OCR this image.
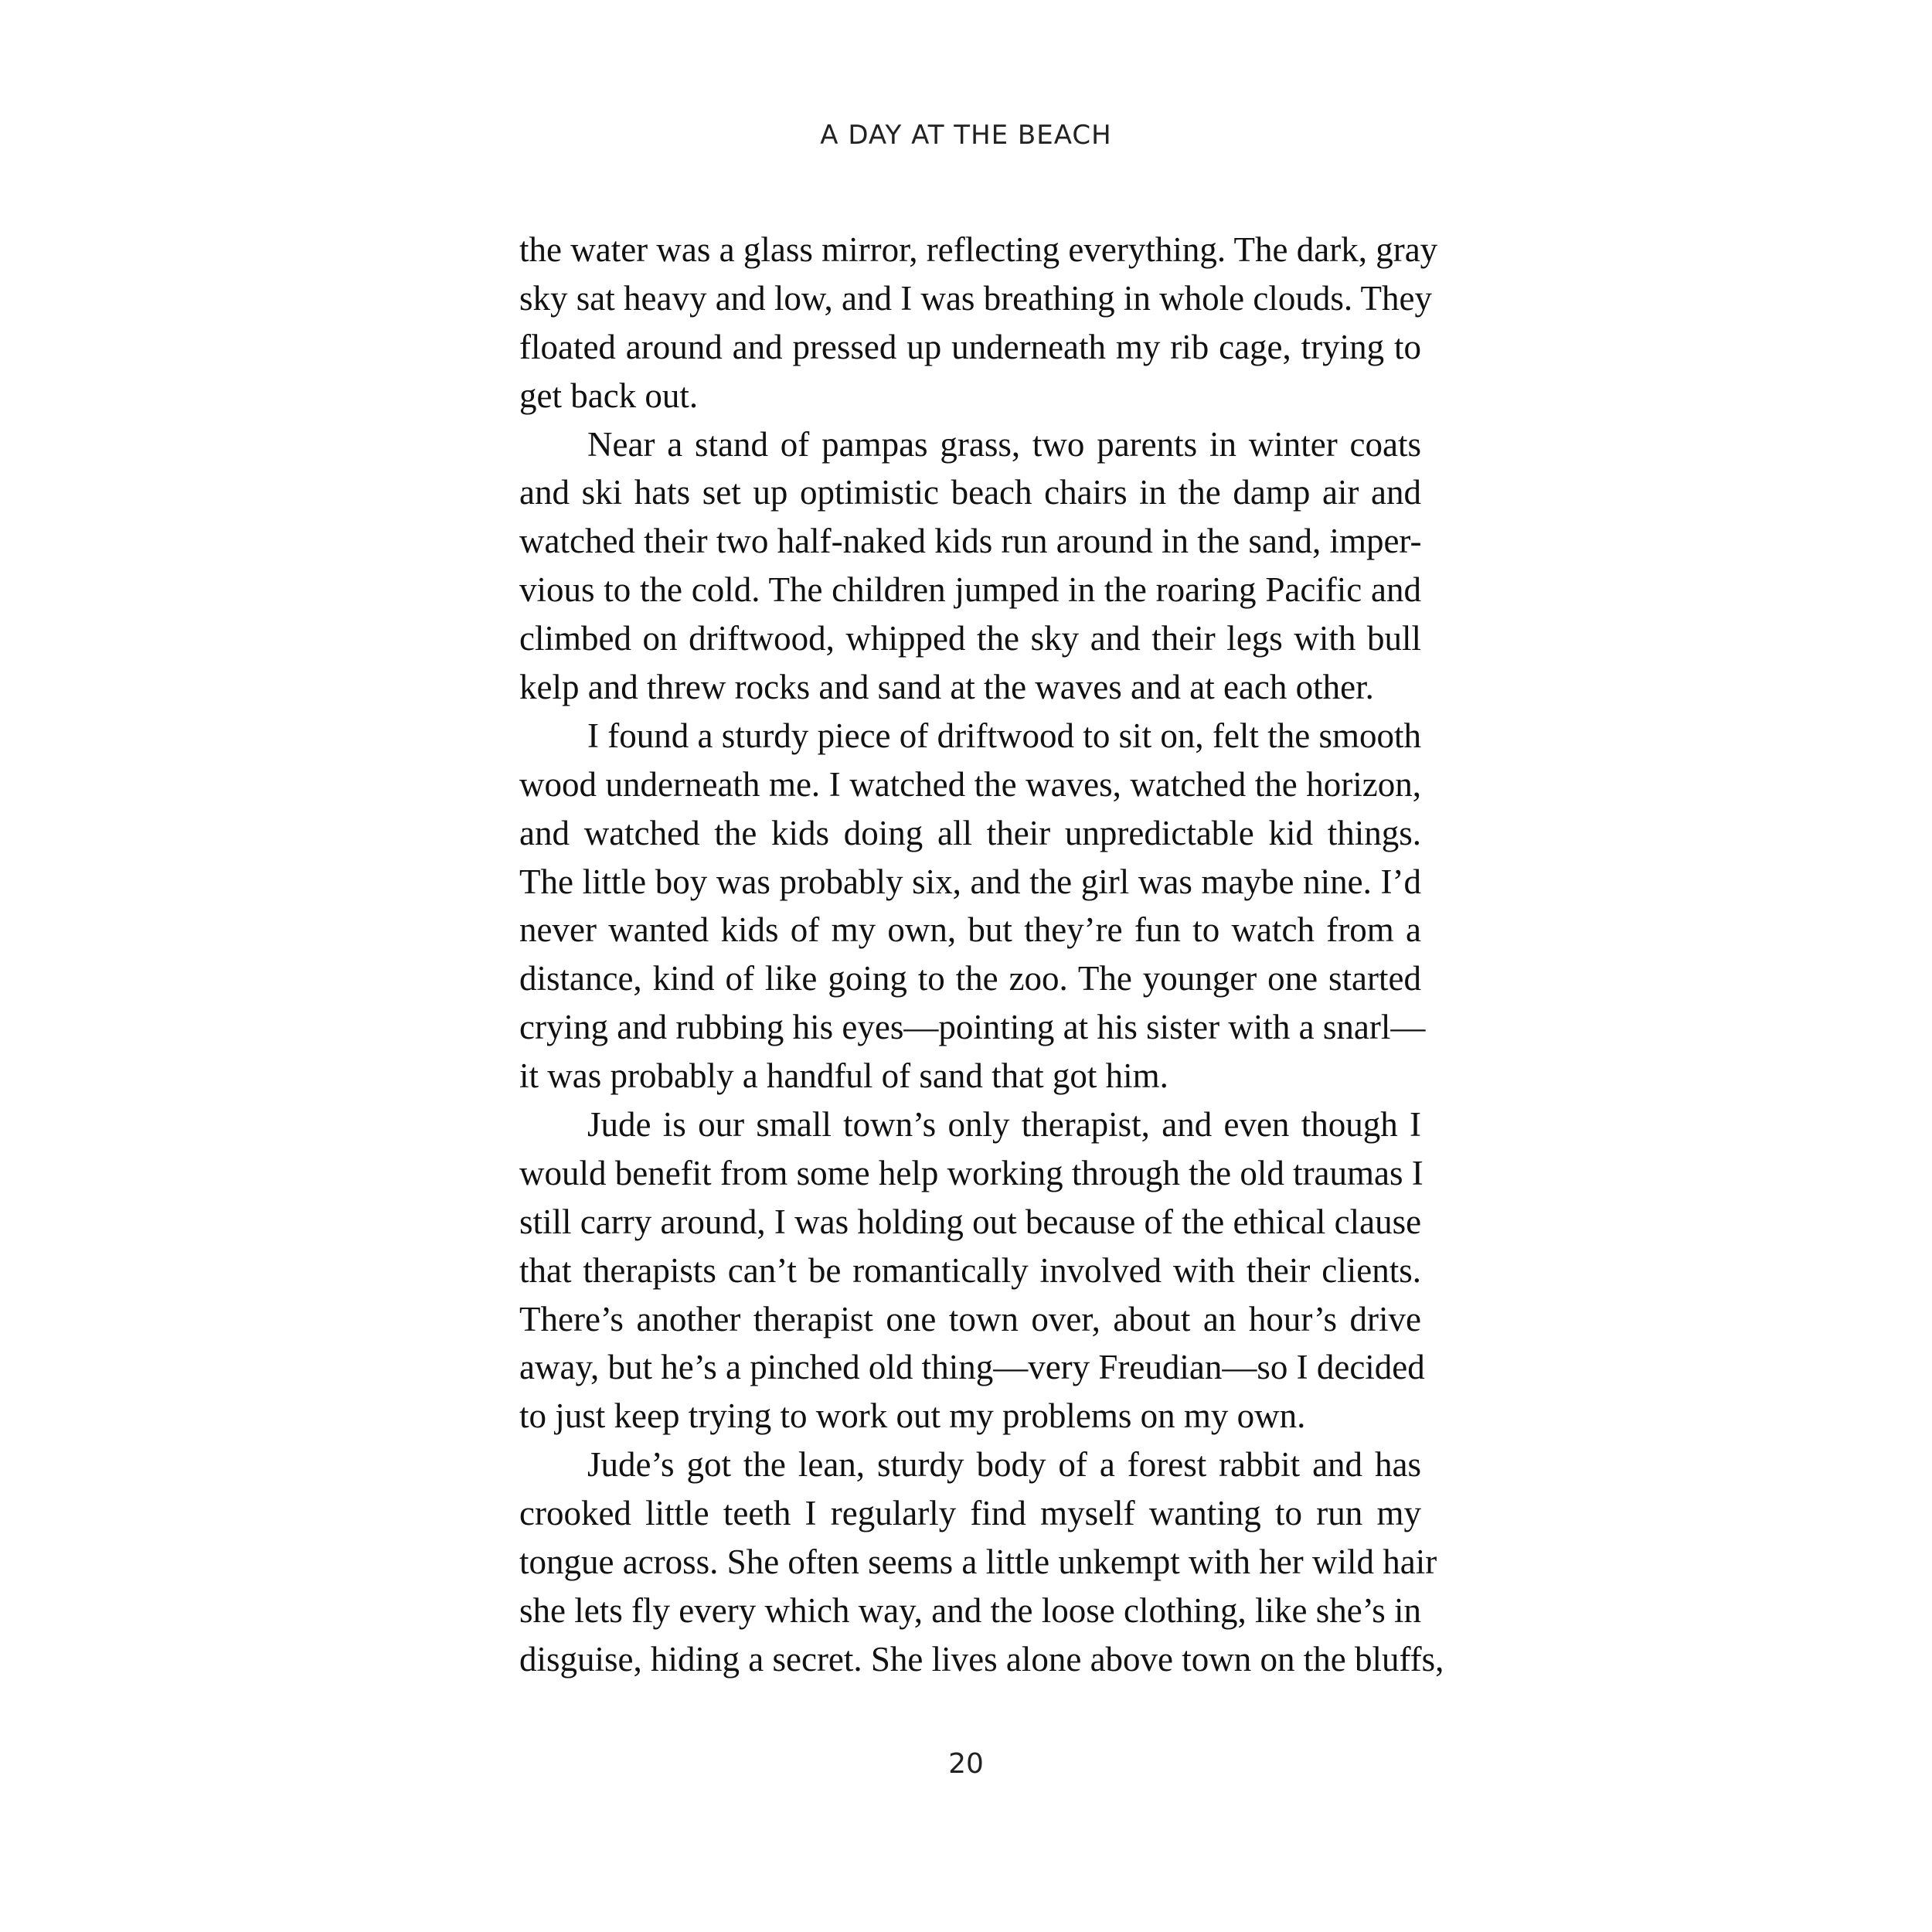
A DAY AT THE BEACH
the water was a glass mirror, reflecting everything. The dark, gray
sky sat heavy and low, and I was breathing in whole clouds. They
floated around and pressed up underneath my rib cage, trying to
get back out.
Near a stand of pampas grass, two parents in winter coats
and ski hats set up optimistic beach chairs in the damp air and
watched their two half-naked kids run around in the sand, imper-
vious to the cold. The children jumped in the roaring Pacific and
climbed on driftwood, whipped the sky and their legs with bull
kelp and threw rocks and sand at the waves and at each other.
I found a sturdy piece of driftwood to sit on, felt the smooth
wood underneath me. I watched the waves, watched the horizon,
and watched the kids doing all their unpredictable kid things.
The little boy was probably six, and the girl was maybe nine. I’d
never wanted kids of my own, but they’re fun to watch from a
distance, kind of like going to the zoo. The younger one started
crying and rubbing his eyes—pointing at his sister with a snarl—
it was probably a handful of sand that got him.
Jude is our small town’s only therapist, and even though I
would benefit from some help working through the old traumas I
still carry around, I was holding out because of the ethical clause
that therapists can’t be romantically involved with their clients.
There’s another therapist one town over, about an hour’s drive
away, but he’s a pinched old thing—very Freudian—so I decided
to just keep trying to work out my problems on my own.
Jude’s got the lean, sturdy body of a forest rabbit and has
crooked little teeth I regularly find myself wanting to run my
tongue across. She often seems a little unkempt with her wild hair
she lets fly every which way, and the loose clothing, like she’s in
disguise, hiding a secret. She lives alone above town on the bluffs,
20
